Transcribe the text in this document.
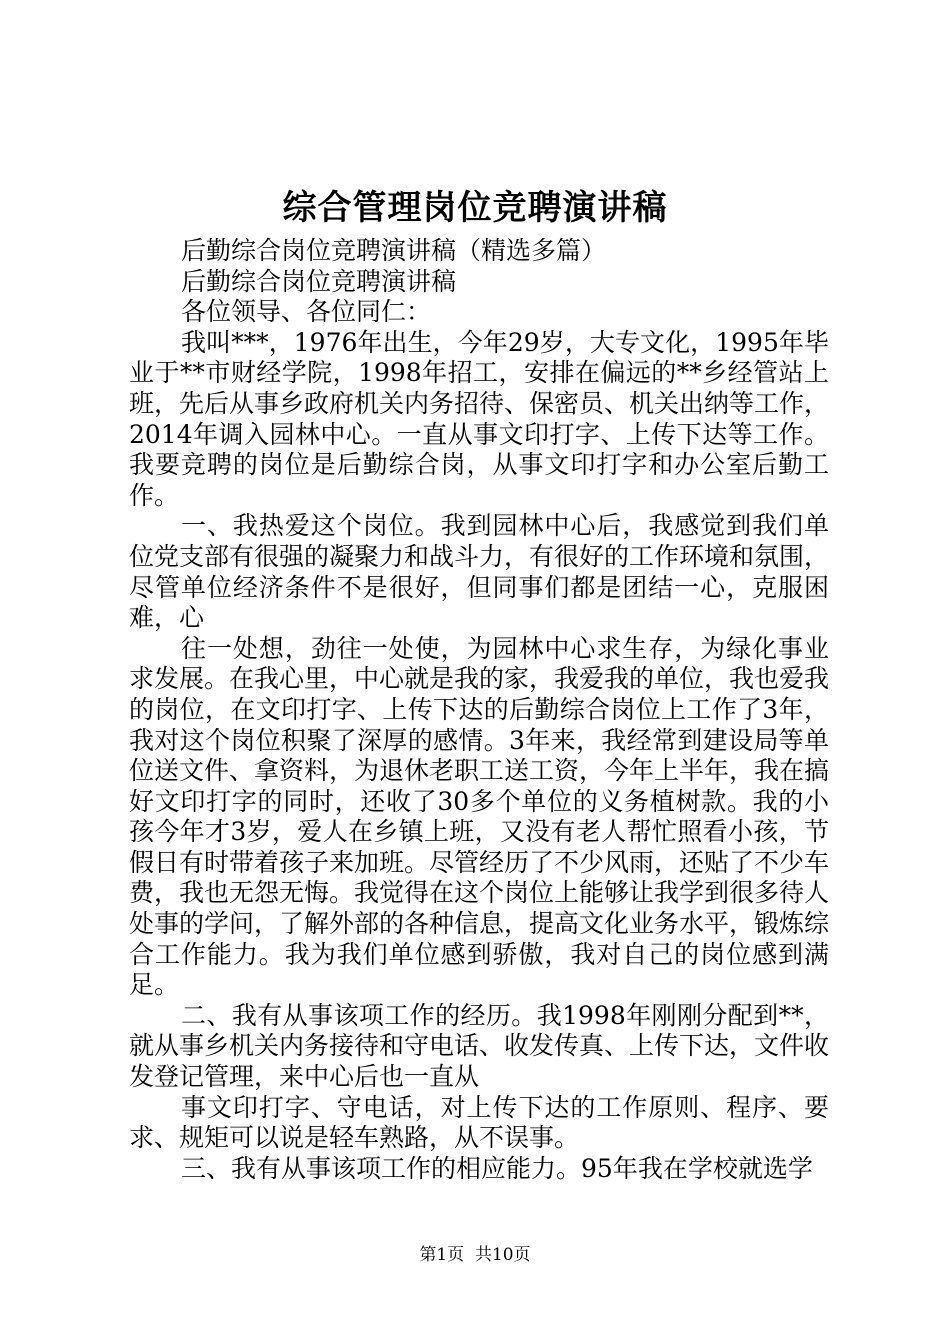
综合管理岗位竞聘演讲稿

后勤综合岗位竞聘演讲稿（精选多篇）

后勤综合岗位竞聘演讲稿

各位领导、各位同仁：

我叫***，1976年出生，今年29岁，大专文化，1995年毕业于**市财经学院，1998年招工，安排在偏远的**乡经管站上班，先后从事乡政府机关内务招待、保密员、机关出纳等工作，2014年调入园林中心。一直从事文印打字、上传下达等工作。我要竞聘的岗位是后勤综合岗，从事文印打字和办公室后勤工作。

一、我热爱这个岗位。我到园林中心后，我感觉到我们单位党支部有很强的凝聚力和战斗力，有很好的工作环境和氛围，尽管单位经济条件不是很好，但同事们都是团结一心，克服困难，心

往一处想，劲往一处使，为园林中心求生存，为绿化事业求发展。在我心里，中心就是我的家，我爱我的单位，我也爱我的岗位，在文印打字、上传下达的后勤综合岗位上工作了3年，我对这个岗位积聚了深厚的感情。3年来，我经常到建设局等单位送文件、拿资料，为退休老职工送工资，今年上半年，我在搞好文印打字的同时，还收了30多个单位的义务植树款。我的小孩今年才3岁，爱人在乡镇上班，又没有老人帮忙照看小孩，节假日有时带着孩子来加班。尽管经历了不少风雨，还贴了不少车费，我也无怨无悔。我觉得在这个岗位上能够让我学到很多待人处事的学问，了解外部的各种信息，提高文化业务水平，锻炼综合工作能力。我为我们单位感到骄傲，我对自己的岗位感到满足。

二、我有从事该项工作的经历。我1998年刚刚分配到**，就从事乡机关内务接待和守电话、收发传真、上传下达，文件收发登记管理，来中心后也一直从

事文印打字、守电话，对上传下达的工作原则、程序、要求、规矩可以说是轻车熟路，从不误事。

三、我有从事该项工作的相应能力。95年我在学校就选学

第1页  共10页
